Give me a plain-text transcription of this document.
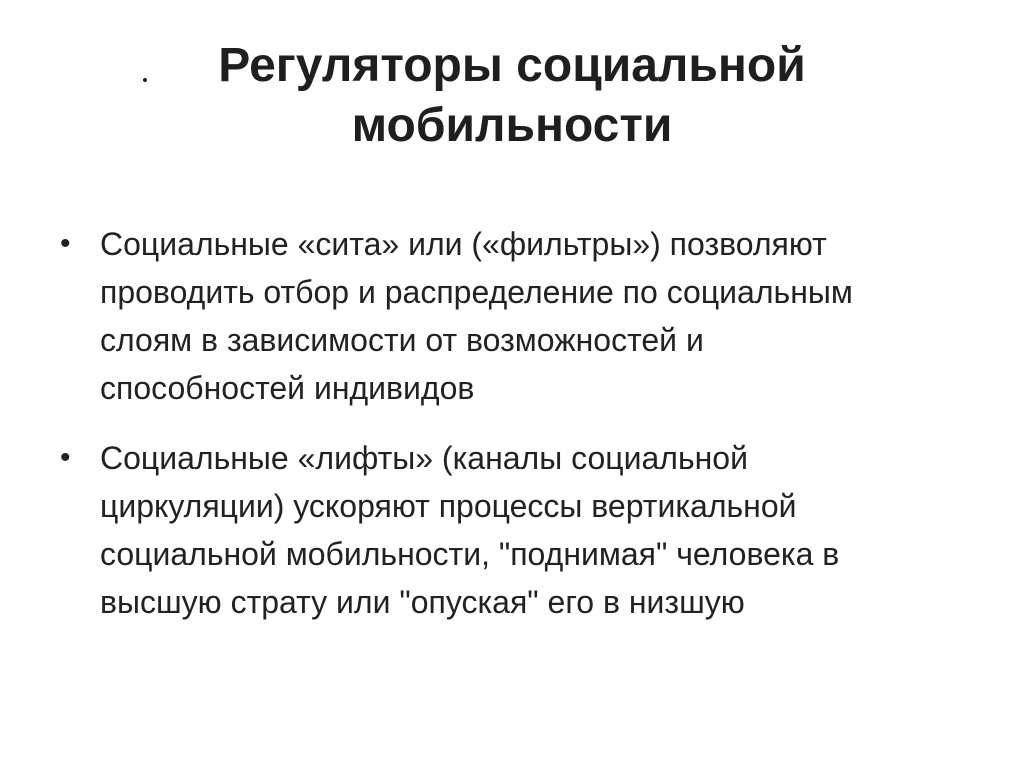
Регуляторы социальной
мобильности
• Социальные «сита» или («фильтры») позволяют
проводить отбор и распределение по социальным
слоям в зависимости от возможностей и
способностей индивидов
• Социальные «лифты» (каналы социальной
циркуляции) ускоряют процессы вертикальной
социальной мобильности, "поднимая" человека в
высшую страту или "опуская" его в низшую
